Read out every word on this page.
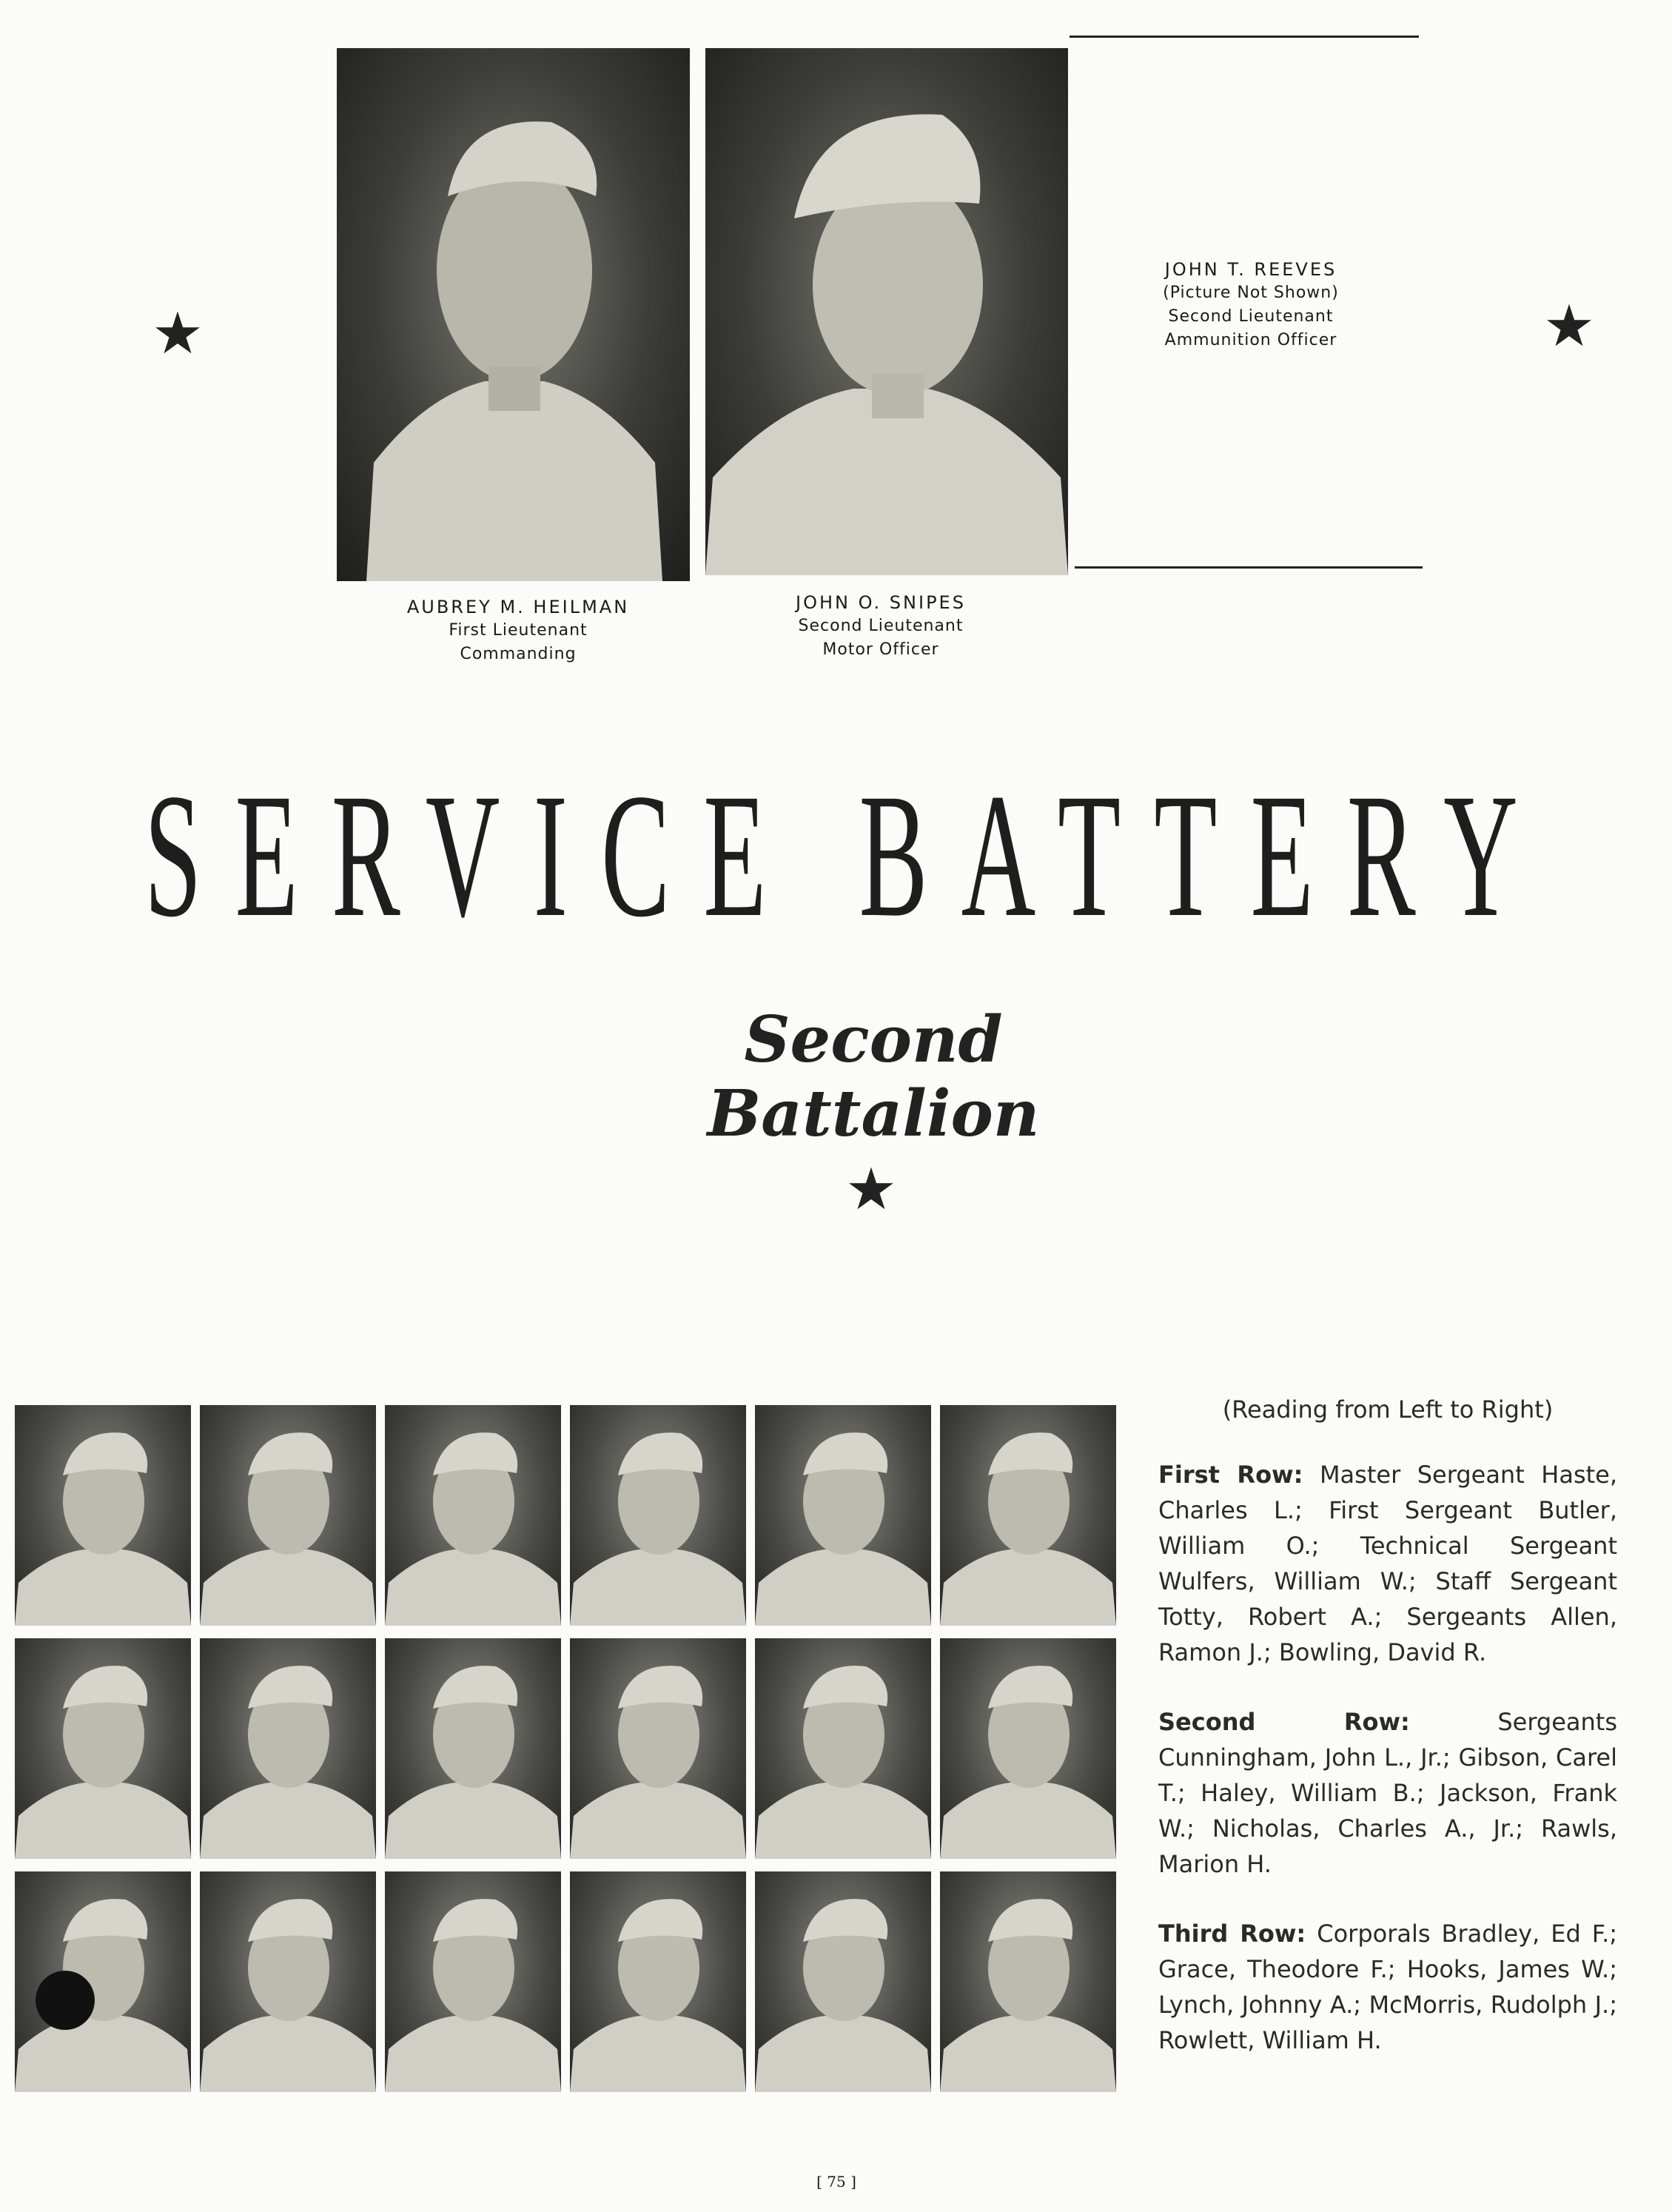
★	★
JOHN T. REEVES
(Picture Not Shown)
Second Lieutenant
Ammunition Officer
AUBREY M. HEILMAN
First Lieutenant
Commanding
JOHN O. SNIPES
Second Lieutenant
Motor Officer
SERVICE BATTERY
Second Battalion
★
(Reading from Left to Right)

First Row: Master Sergeant Haste, Charles L.; First Sergeant Butler, William O.; Technical Sergeant Wulfers, William W.; Staff Sergeant Totty, Robert A.; Sergeants Allen, Ramon J.; Bowling, David R.

Second Row:	Sergeants Cunningham, John L., Jr.; Gibson, Carel T.; Haley, William B.; Jackson, Frank W.; Nicholas, Charles A., Jr.; Rawls, Marion H.

Third Row: Corporals Bradley, Ed F.; Grace, Theodore F.; Hooks, James W.; Lynch, Johnny A.; McMorris, Rudolph J.; Rowlett, William H.

[ 75 ]
